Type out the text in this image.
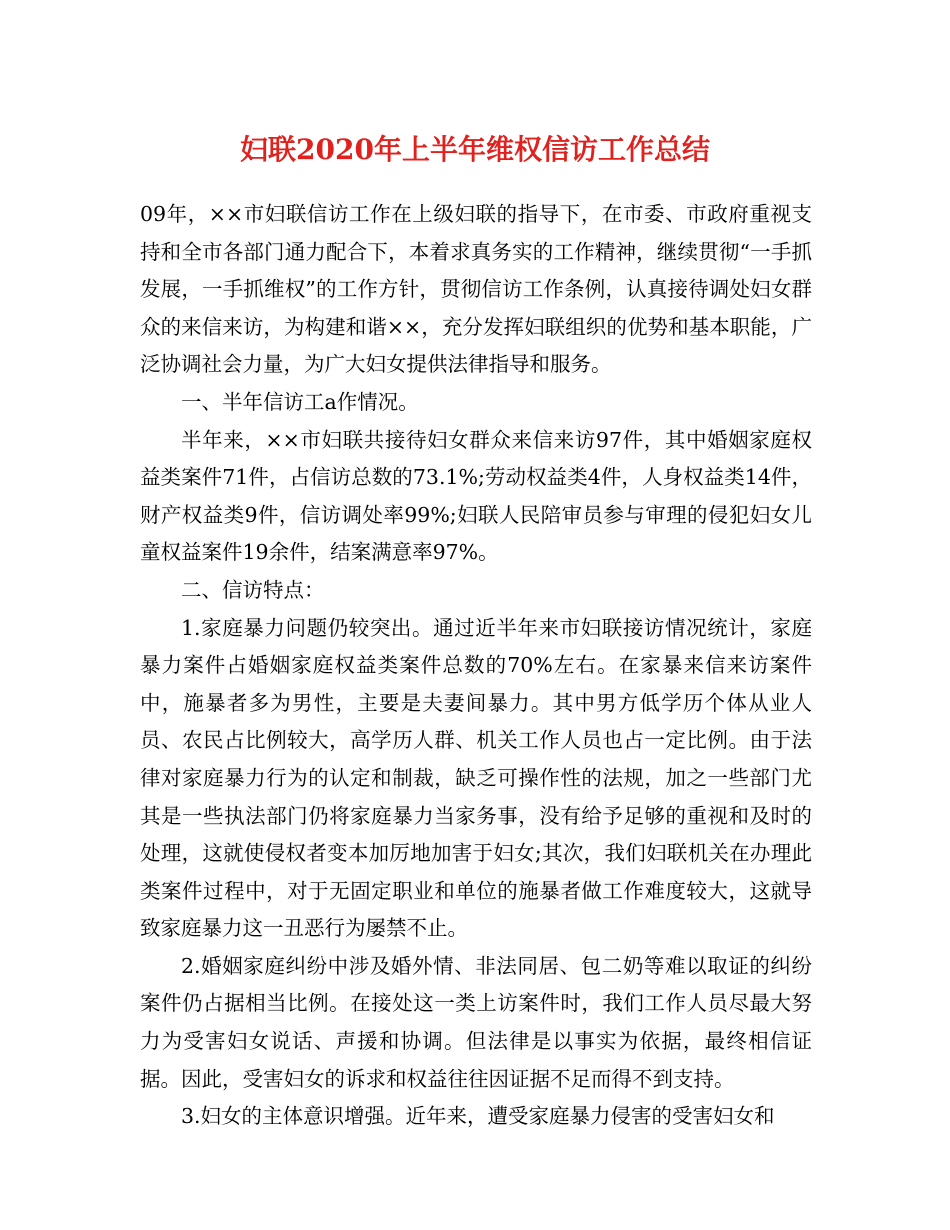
妇联2020年上半年维权信访工作总结

09年，××市妇联信访工作在上级妇联的指导下，在市委、市政府重视支持和全市各部门通力配合下，本着求真务实的工作精神，继续贯彻“一手抓发展，一手抓维权”的工作方针，贯彻信访工作条例，认真接待调处妇女群众的来信来访，为构建和谐××，充分发挥妇联组织的优势和基本职能，广泛协调社会力量，为广大妇女提供法律指导和服务。

一、半年信访工a作情况。

半年来，××市妇联共接待妇女群众来信来访97件，其中婚姻家庭权益类案件71件，占信访总数的73.1%;劳动权益类4件，人身权益类14件，财产权益类9件，信访调处率99%;妇联人民陪审员参与审理的侵犯妇女儿童权益案件19余件，结案满意率97%。

二、信访特点：

1.家庭暴力问题仍较突出。通过近半年来市妇联接访情况统计，家庭暴力案件占婚姻家庭权益类案件总数的70%左右。在家暴来信来访案件中，施暴者多为男性，主要是夫妻间暴力。其中男方低学历个体从业人员、农民占比例较大，高学历人群、机关工作人员也占一定比例。由于法律对家庭暴力行为的认定和制裁，缺乏可操作性的法规，加之一些部门尤其是一些执法部门仍将家庭暴力当家务事，没有给予足够的重视和及时的处理，这就使侵权者变本加厉地加害于妇女;其次，我们妇联机关在办理此类案件过程中，对于无固定职业和单位的施暴者做工作难度较大，这就导致家庭暴力这一丑恶行为屡禁不止。

2.婚姻家庭纠纷中涉及婚外情、非法同居、包二奶等难以取证的纠纷案件仍占据相当比例。在接处这一类上访案件时，我们工作人员尽最大努力为受害妇女说话、声援和协调。但法律是以事实为依据，最终相信证据。因此，受害妇女的诉求和权益往往因证据不足而得不到支持。

3.妇女的主体意识增强。近年来，遭受家庭暴力侵害的受害妇女和
